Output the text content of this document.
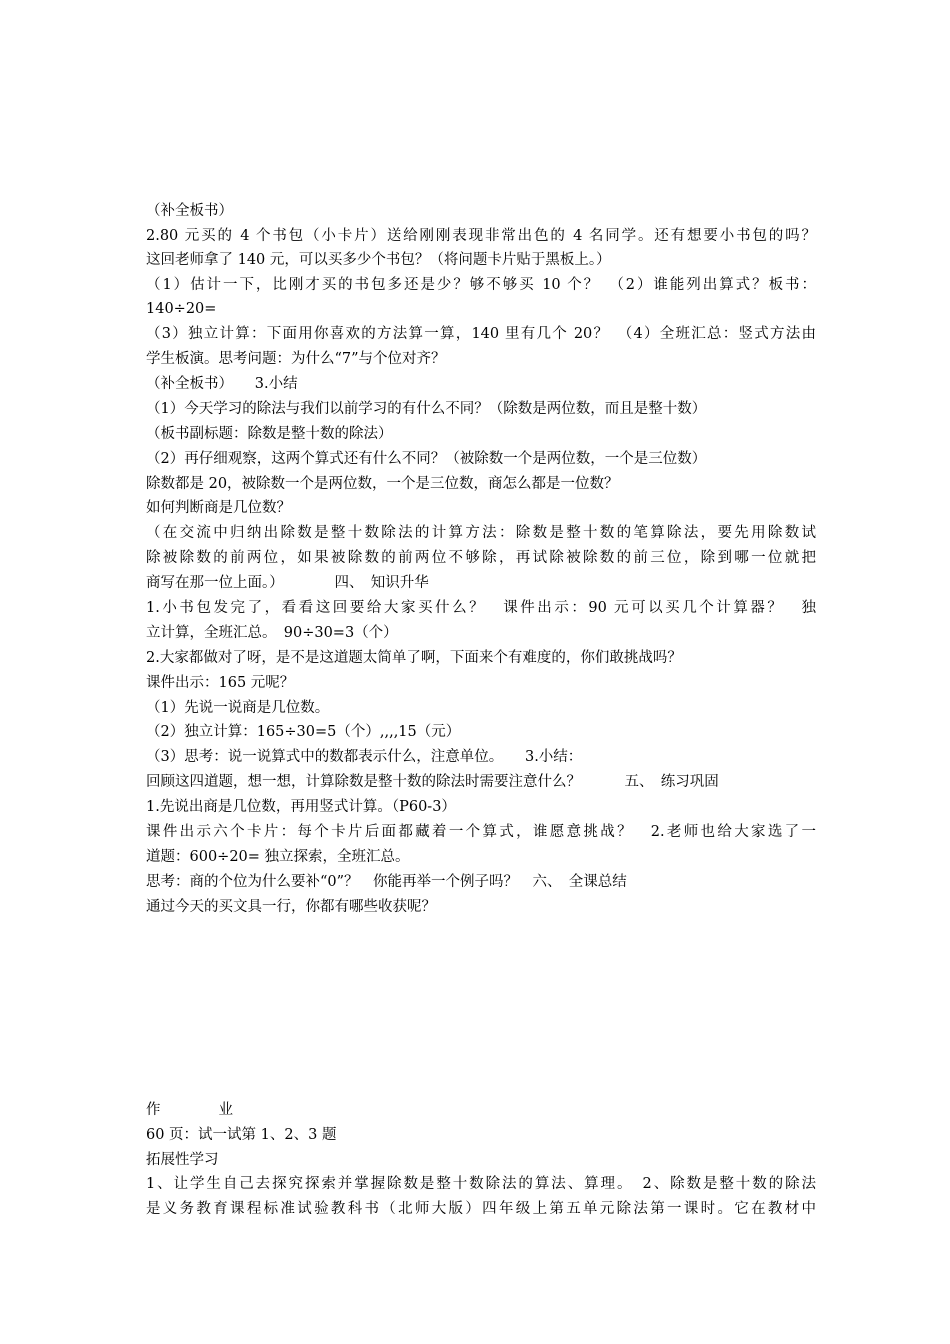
（补全板书）
2.80 元买的 4 个书包（小卡片）送给刚刚表现非常出色的 4 名同学。还有想要小书包的吗？
这回老师拿了 140 元，可以买多少个书包？（将问题卡片贴于黑板上。）
（1）估计一下，比刚才买的书包多还是少？够不够买 10 个？　（2）谁能列出算式？板书：
140÷20=
（3）独立计算：下面用你喜欢的方法算一算，140 里有几个 20？　（4）全班汇总：竖式方法由
学生板演。思考问题：为什么“7”与个位对齐？
（补全板书）　　3.小结
（1）今天学习的除法与我们以前学习的有什么不同？（除数是两位数，而且是整十数）
（板书副标题：除数是整十数的除法）
（2）再仔细观察，这两个算式还有什么不同？（被除数一个是两位数，一个是三位数）
除数都是 20，被除数一个是两位数，一个是三位数，商怎么都是一位数？
如何判断商是几位数？
（在交流中归纳出除数是整十数除法的计算方法：除数是整十数的笔算除法，要先用除数试
除被除数的前两位，如果被除数的前两位不够除，再试除被除数的前三位，除到哪一位就把
商写在那一位上面。）　　　　四、　知识升华
1.小书包发完了，看看这回要给大家买什么？　课件出示：90 元可以买几个计算器？　独
立计算，全班汇总。　90÷30=3（个）
2.大家都做对了呀，是不是这道题太简单了啊，下面来个有难度的，你们敢挑战吗？
课件出示：165 元呢？
（1）先说一说商是几位数。
（2）独立计算：165÷30=5（个）,,,,15（元）
（3）思考：说一说算式中的数都表示什么，注意单位。　　3.小结：
回顾这四道题，想一想，计算除数是整十数的除法时需要注意什么？　　　五、　练习巩固
1.先说出商是几位数，再用竖式计算。（P60-3）
课件出示六个卡片：每个卡片后面都藏着一个算式，谁愿意挑战？　2.老师也给大家选了一
道题：600÷20= 独立探索，全班汇总。
思考：商的个位为什么要补“0”？　你能再举一个例子吗？　六、　全课总结
通过今天的买文具一行，你都有哪些收获呢？
作　　　　业
60 页：试一试第 1、2、3 题
拓展性学习
1、让学生自己去探究探索并掌握除数是整十数除法的算法、算理。　2、除数是整十数的除法
是义务教育课程标准试验教科书（北师大版）四年级上第五单元除法第一课时。它在教材中
